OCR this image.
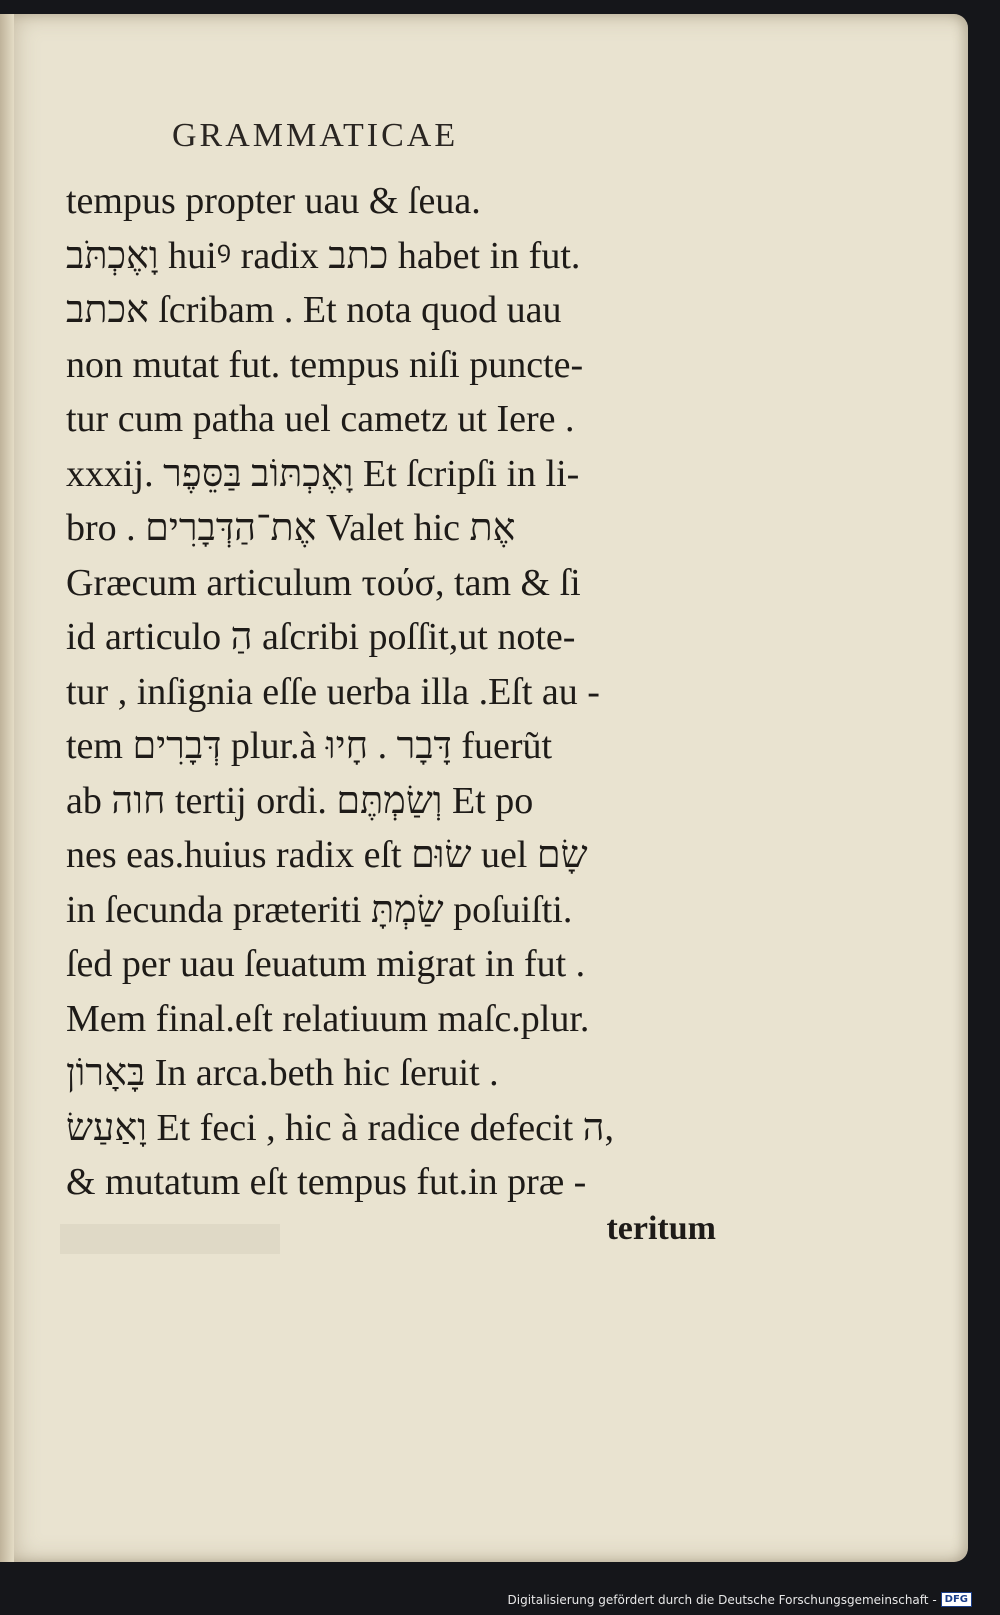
GRAMMATICAE
tempus propter uau & ſeua.
וָאֶכְתֹּב huiꝰ radix כתב habet in fut.
אכתב ſcribam . Et nota quod uau
non mutat fut. tempus niſi puncte-
tur cum patha uel cametz ut Iere .
xxxij. וָאֶכְתּוֹב בַּסֵּפֶר Et ſcripſi in li-
bro . אֶת־הַדְּבָרִים Valet hic אֶת
Græcum articulum τούσ, tam & ſi
id articulo הַ aſcribi poſſit,ut note-
tur , inſignia eſſe uerba illa .Eſt au -
tem דְּבָרִים plur.à דָּבָר . חָיוּ fuerũt
ab חוה tertij ordi. וְשַׂמְתֶּם Et po
nes eas.huius radix eſt שׂוּם uel שָׂם
in ſecunda præteriti שַׂמְתָּ poſuiſti.
ſed per uau ſeuatum migrat in fut .
Mem final.eſt relatiuum maſc.plur.
בָּאָרוֹן In arca.beth hic ſeruit .
וָאַעַשׂ Et feci , hic à radice defecit ה,
& mutatum eſt tempus fut.in præ -
teritum
Digitalisierung gefördert durch die Deutsche Forschungsgemeinschaft - DFG
